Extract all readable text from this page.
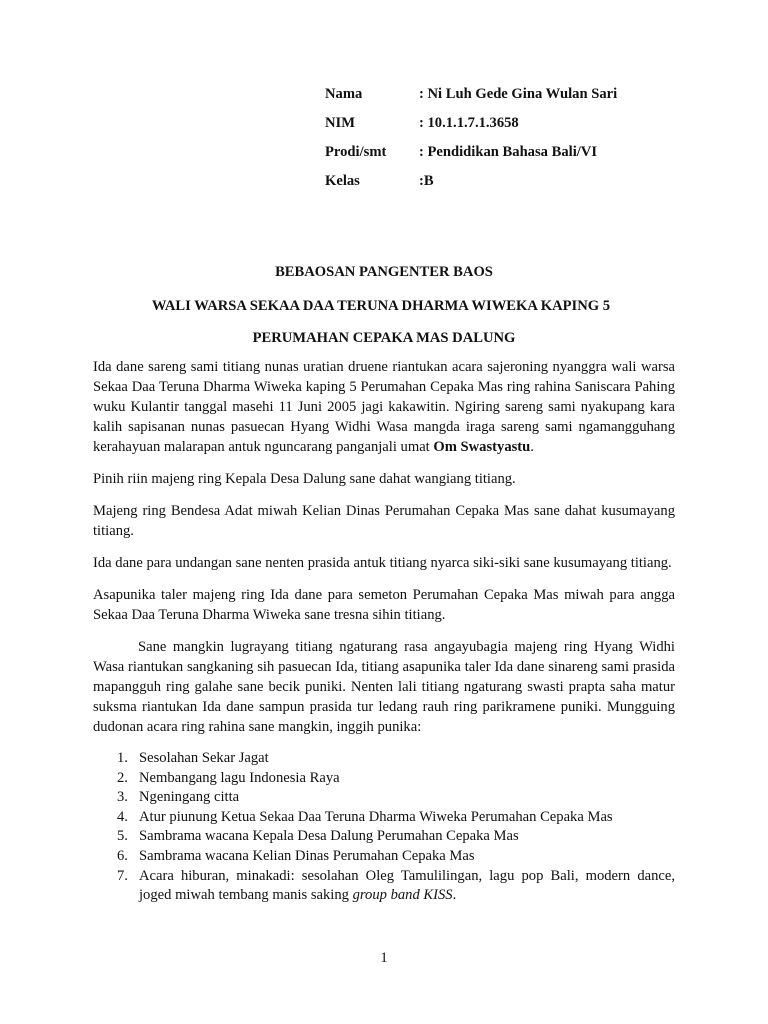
Nama	: Ni Luh Gede Gina Wulan Sari
NIM	: 10.1.1.7.1.3658
Prodi/smt : Pendidikan Bahasa Bali/VI
Kelas	:B
BEBAOSAN PANGENTER BAOS
WALI WARSA SEKAA DAA TERUNA DHARMA WIWEKA KAPING 5
PERUMAHAN CEPAKA MAS DALUNG

Ida dane sareng sami titiang nunas uratian druene riantukan acara sajeroning nyanggra wali warsa Sekaa Daa Teruna Dharma Wiweka kaping 5 Perumahan Cepaka Mas ring rahina Saniscara Pahing wuku Kulantir tanggal masehi 11 Juni 2005 jagi kakawitin. Ngiring sareng sami nyakupang kara kalih sapisanan nunas pasuecan Hyang Widhi Wasa mangda iraga sareng sami ngamangguhang kerahayuan malarapan antuk nguncarang panganjali umat Om Swastyastu.

Pinih riin majeng ring Kepala Desa Dalung sane dahat wangiang titiang.

Majeng ring Bendesa Adat miwah Kelian Dinas Perumahan Cepaka Mas sane dahat kusumayang titiang.

Ida dane para undangan sane nenten prasida antuk titiang nyarca siki-siki sane kusumayang titiang.

Asapunika taler majeng ring Ida dane para semeton Perumahan Cepaka Mas miwah para angga Sekaa Daa Teruna Dharma Wiweka sane tresna sihin titiang.

Sane mangkin lugrayang titiang ngaturang rasa angayubagia majeng ring Hyang Widhi Wasa riantukan sangkaning sih pasuecan Ida, titiang asapunika taler Ida dane sinareng sami prasida mapangguh ring galahe sane becik puniki. Nenten lali titiang ngaturang swasti prapta saha matur suksma riantukan Ida dane sampun prasida tur ledang rauh ring parikramene puniki. Mungguing dudonan acara ring rahina sane mangkin, inggih punika:

1. Sesolahan Sekar Jagat
2. Nembangang lagu Indonesia Raya
3. Ngeningang citta
4. Atur piunung Ketua Sekaa Daa Teruna Dharma Wiweka Perumahan Cepaka Mas
5. Sambrama wacana Kepala Desa Dalung Perumahan Cepaka Mas
6. Sambrama wacana Kelian Dinas Perumahan Cepaka Mas
7. Acara hiburan, minakadi: sesolahan Oleg Tamulilingan, lagu pop Bali, modern dance, joged miwah tembang manis saking group band KISS.
1
